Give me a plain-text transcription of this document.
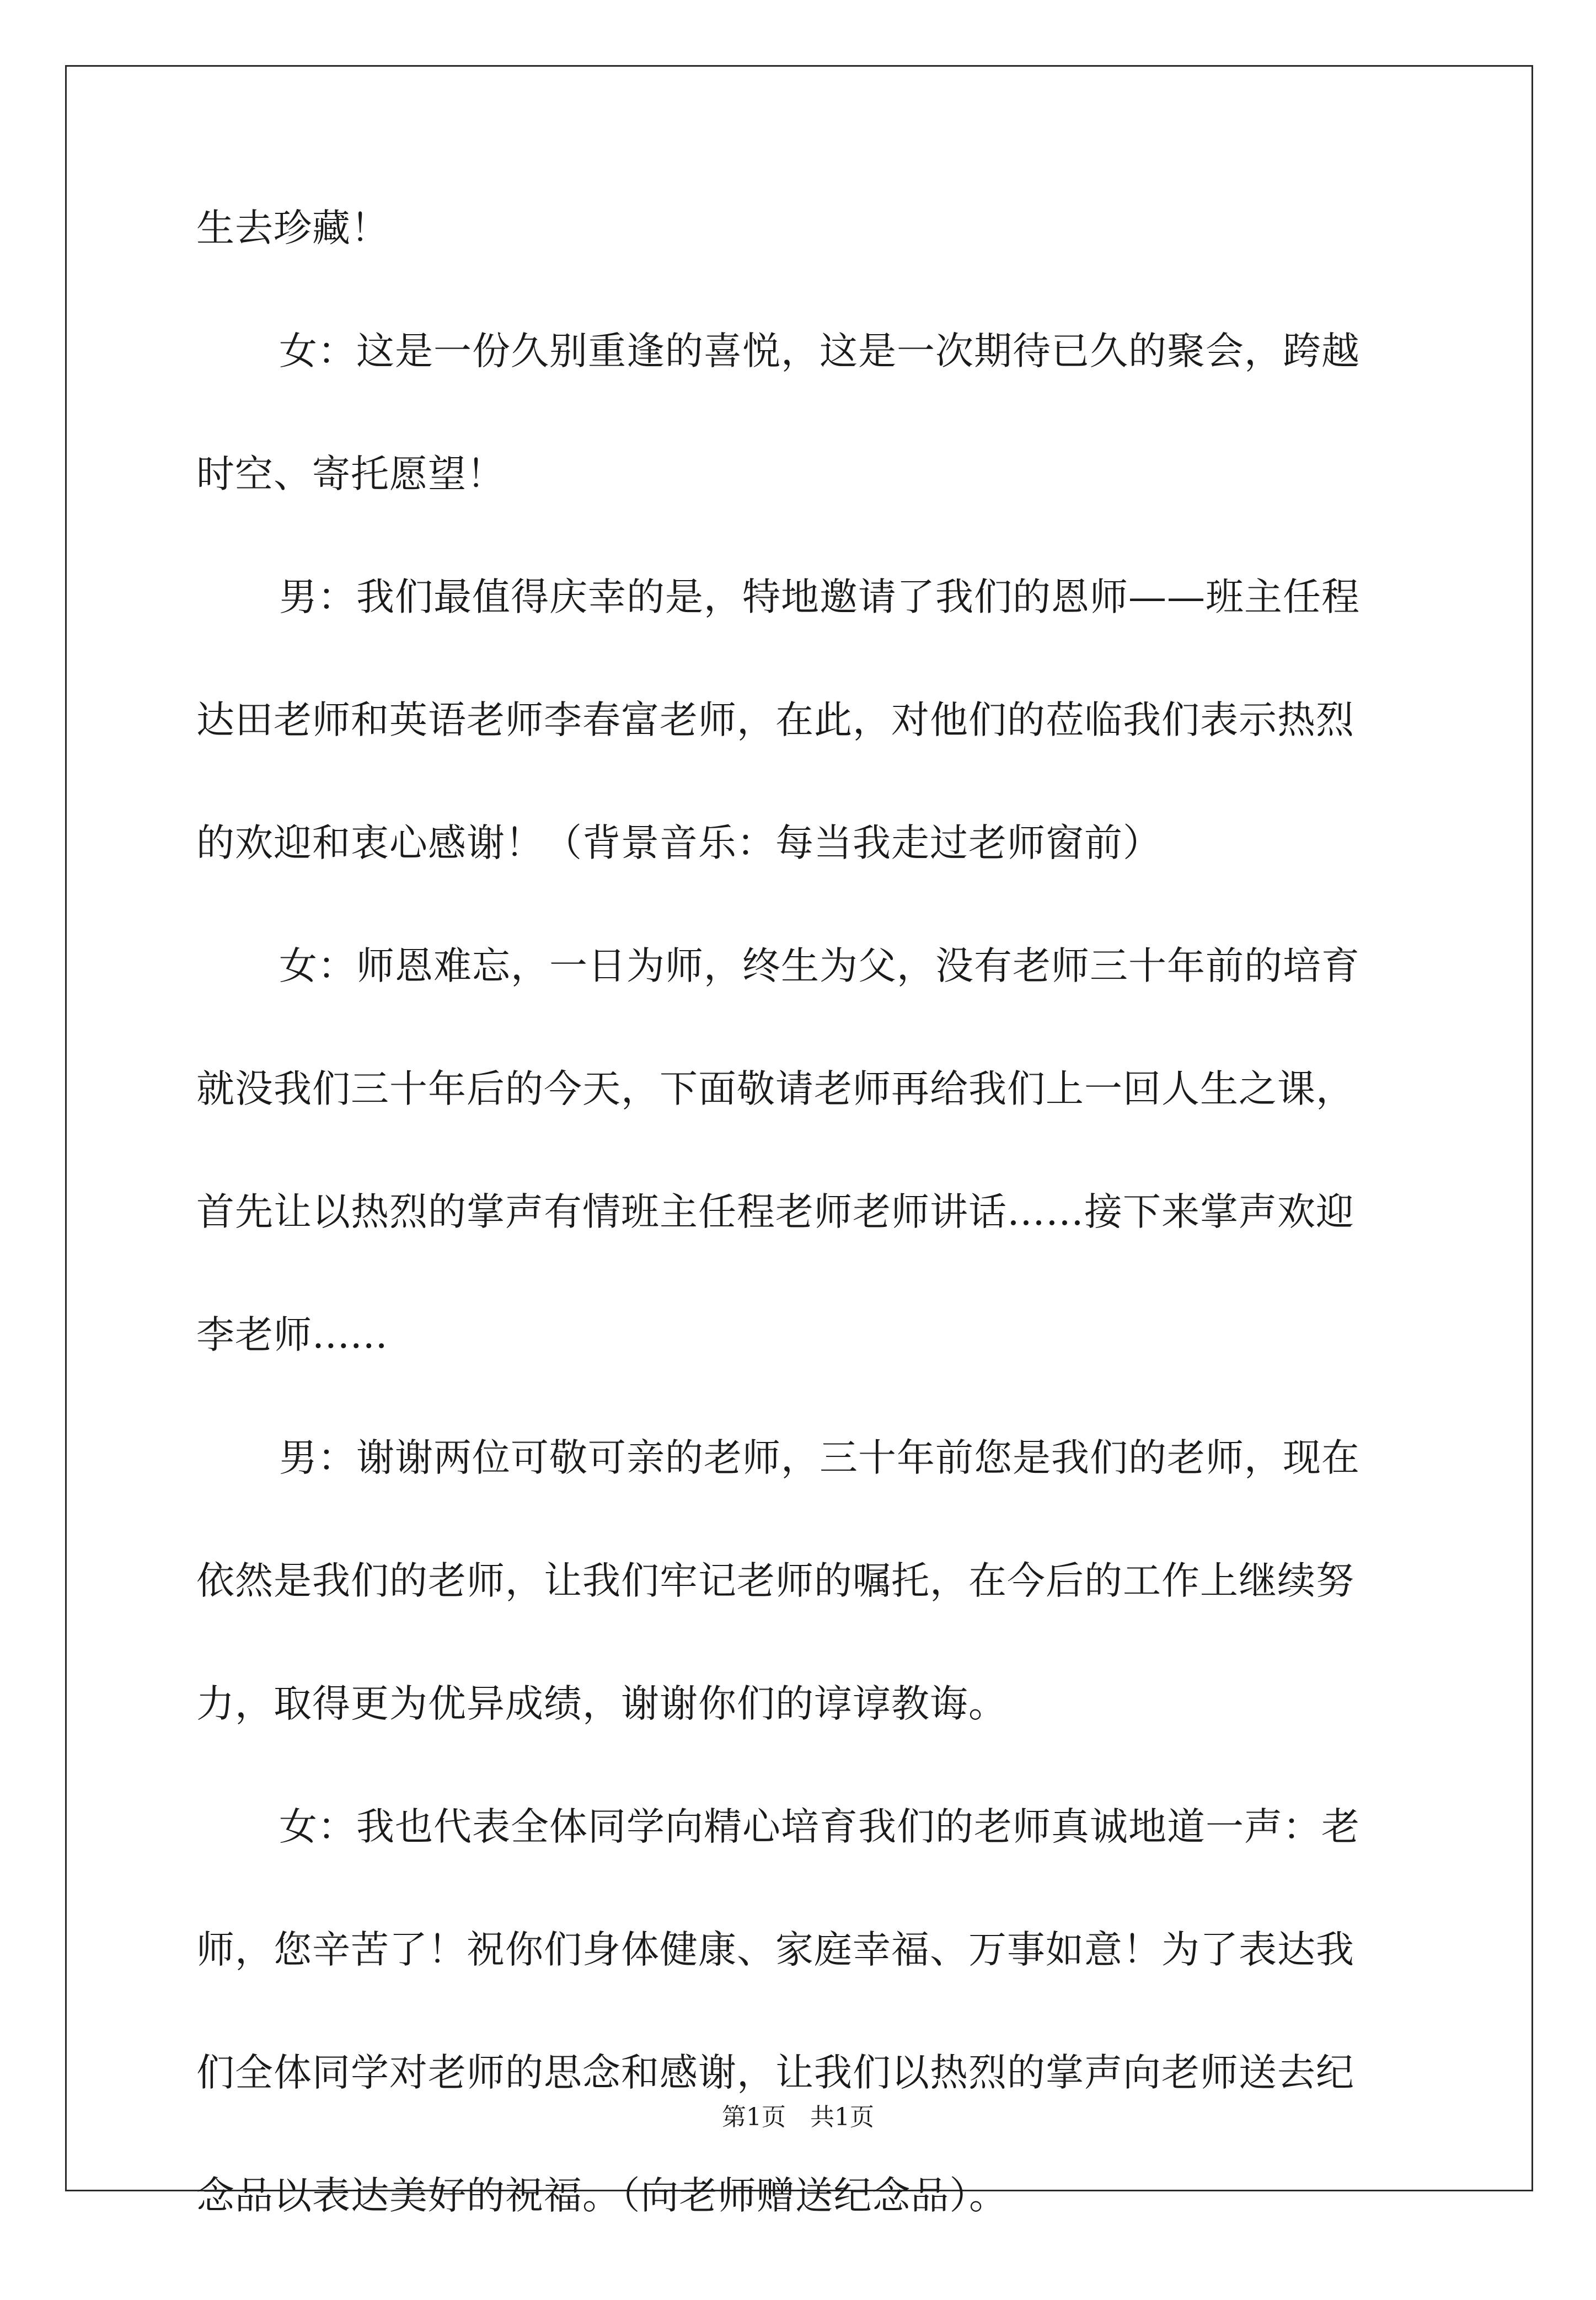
生去珍藏！

女：这是一份久别重逢的喜悦，这是一次期待已久的聚会，跨越

时空、寄托愿望！

男：我们最值得庆幸的是，特地邀请了我们的恩师——班主任程

达田老师和英语老师李春富老师，在此，对他们的莅临我们表示热烈

的欢迎和衷心感谢！（背景音乐：每当我走过老师窗前）

女：师恩难忘，一日为师，终生为父，没有老师三十年前的培育

就没我们三十年后的今天，下面敬请老师再给我们上一回人生之课，

首先让以热烈的掌声有情班主任程老师老师讲话……接下来掌声欢迎

李老师......

男：谢谢两位可敬可亲的老师，三十年前您是我们的老师，现在

依然是我们的老师，让我们牢记老师的嘱托，在今后的工作上继续努

力，取得更为优异成绩，谢谢你们的谆谆教诲。

女：我也代表全体同学向精心培育我们的老师真诚地道一声：老

师，您辛苦了！祝你们身体健康、家庭幸福、万事如意！为了表达我

们全体同学对老师的思念和感谢，让我们以热烈的掌声向老师送去纪

念品以表达美好的祝福。（向老师赠送纪念品）。

第1页　共1页
